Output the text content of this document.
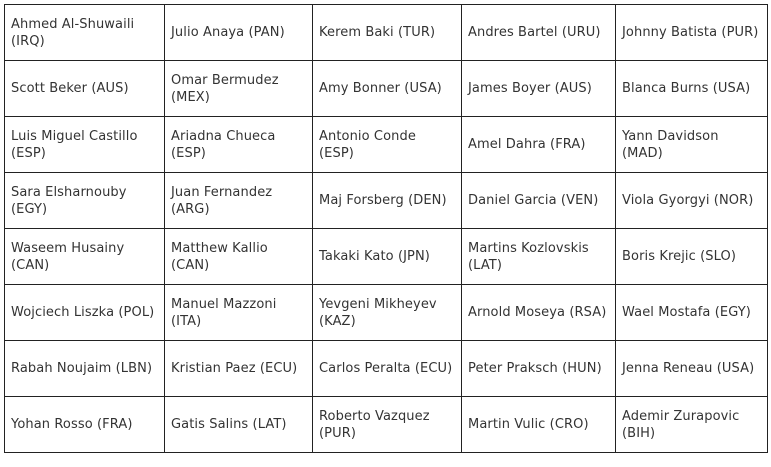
Ahmed Al-Shuwaili (IRQ)	Julio Anaya (PAN)	Kerem Baki (TUR)	Andres Bartel (URU)	Johnny Batista (PUR)
Scott Beker (AUS)	Omar Bermudez (MEX)	Amy Bonner (USA)	James Boyer (AUS)	Blanca Burns (USA)
Luis Miguel Castillo (ESP)	Ariadna Chueca (ESP)	Antonio Conde (ESP)	Amel Dahra (FRA)	Yann Davidson (MAD)
Sara Elsharnouby (EGY)	Juan Fernandez (ARG)	Maj Forsberg (DEN)	Daniel Garcia (VEN)	Viola Gyorgyi (NOR)
Waseem Husainy (CAN)	Matthew Kallio (CAN)	Takaki Kato (JPN)	Martins Kozlovskis (LAT)	Boris Krejic (SLO)
Wojciech Liszka (POL)	Manuel Mazzoni (ITA)	Yevgeni Mikheyev (KAZ)	Arnold Moseya (RSA)	Wael Mostafa (EGY)
Rabah Noujaim (LBN)	Kristian Paez (ECU)	Carlos Peralta (ECU)	Peter Praksch (HUN)	Jenna Reneau (USA)
Yohan Rosso (FRA)	Gatis Salins (LAT)	Roberto Vazquez (PUR)	Martin Vulic (CRO)	Ademir Zurapovic (BIH)
